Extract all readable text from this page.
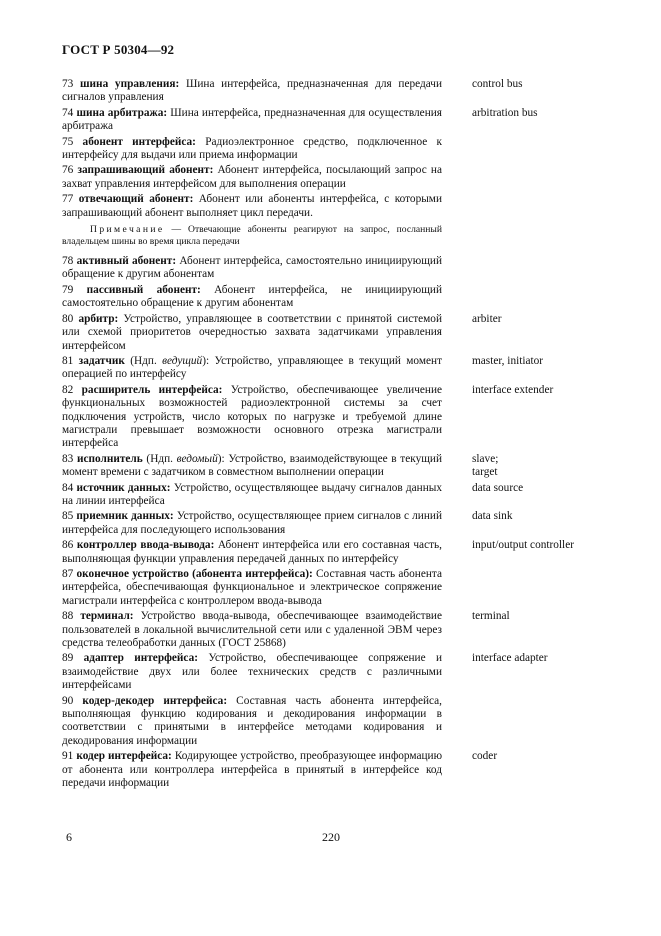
ГОСТ Р 50304—92
73 шина управления: Шина интерфейса, предназначенная для передачи сигналов управления
control bus
74 шина арбитража: Шина интерфейса, предназначенная для осуществления арбитража
arbitration bus
75 абонент интерфейса: Радиоэлектронное средство, подключенное к интерфейсу для выдачи или приема информации
76 запрашивающий абонент: Абонент интерфейса, посылающий запрос на захват управления интерфейсом для выполнения операции
77 отвечающий абонент: Абонент или абоненты интерфейса, с которыми запрашивающий абонент выполняет цикл передачи.
Примечание — Отвечающие абоненты реагируют на запрос, посланный владельцем шины во время цикла передачи
78 активный абонент: Абонент интерфейса, самостоятельно инициирующий обращение к другим абонентам
79 пассивный абонент: Абонент интерфейса, не инициирующий самостоятельно обращение к другим абонентам
80 арбитр: Устройство, управляющее в соответствии с принятой системой или схемой приоритетов очередностью захвата задатчиками управления интерфейсом
arbiter
81 задатчик (Ндп. ведущий): Устройство, управляющее в текущий момент операцией по интерфейсу
master, initiator
82 расширитель интерфейса: Устройство, обеспечивающее увеличение функциональных возможностей радиоэлектронной системы за счет подключения устройств, число которых по нагрузке и требуемой длине магистрали превышает возможности основного отрезка магистрали интерфейса
interface extender
83 исполнитель (Ндп. ведомый): Устройство, взаимодействующее в текущий момент времени с задатчиком в совместном выполнении операции
slave;
target
84 источник данных: Устройство, осуществляющее выдачу сигналов данных на линии интерфейса
data source
85 приемник данных: Устройство, осуществляющее прием сигналов с линий интерфейса для последующего использования
data sink
86 контроллер ввода-вывода: Абонент интерфейса или его составная часть, выполняющая функции управления передачей данных по интерфейсу
input/output controller
87 оконечное устройство (абонента интерфейса): Составная часть абонента интерфейса, обеспечивающая функциональное и электрическое сопряжение магистрали интерфейса с контроллером ввода-вывода
88 терминал: Устройство ввода-вывода, обеспечивающее взаимодействие пользователей в локальной вычислительной сети или с удаленной ЭВМ через средства телеобработки данных (ГОСТ 25868)
terminal
89 адаптер интерфейса: Устройство, обеспечивающее сопряжение и взаимодействие двух или более технических средств с различными интерфейсами
interface adapter
90 кодер-декодер интерфейса: Составная часть абонента интерфейса, выполняющая функцию кодирования и декодирования информации в соответствии с принятыми в интерфейсе методами кодирования и декодирования информации
91 кодер интерфейса: Кодирующее устройство, преобразующее информацию от абонента или контроллера интерфейса в принятый в интерфейсе код передачи информации
coder
6	220
